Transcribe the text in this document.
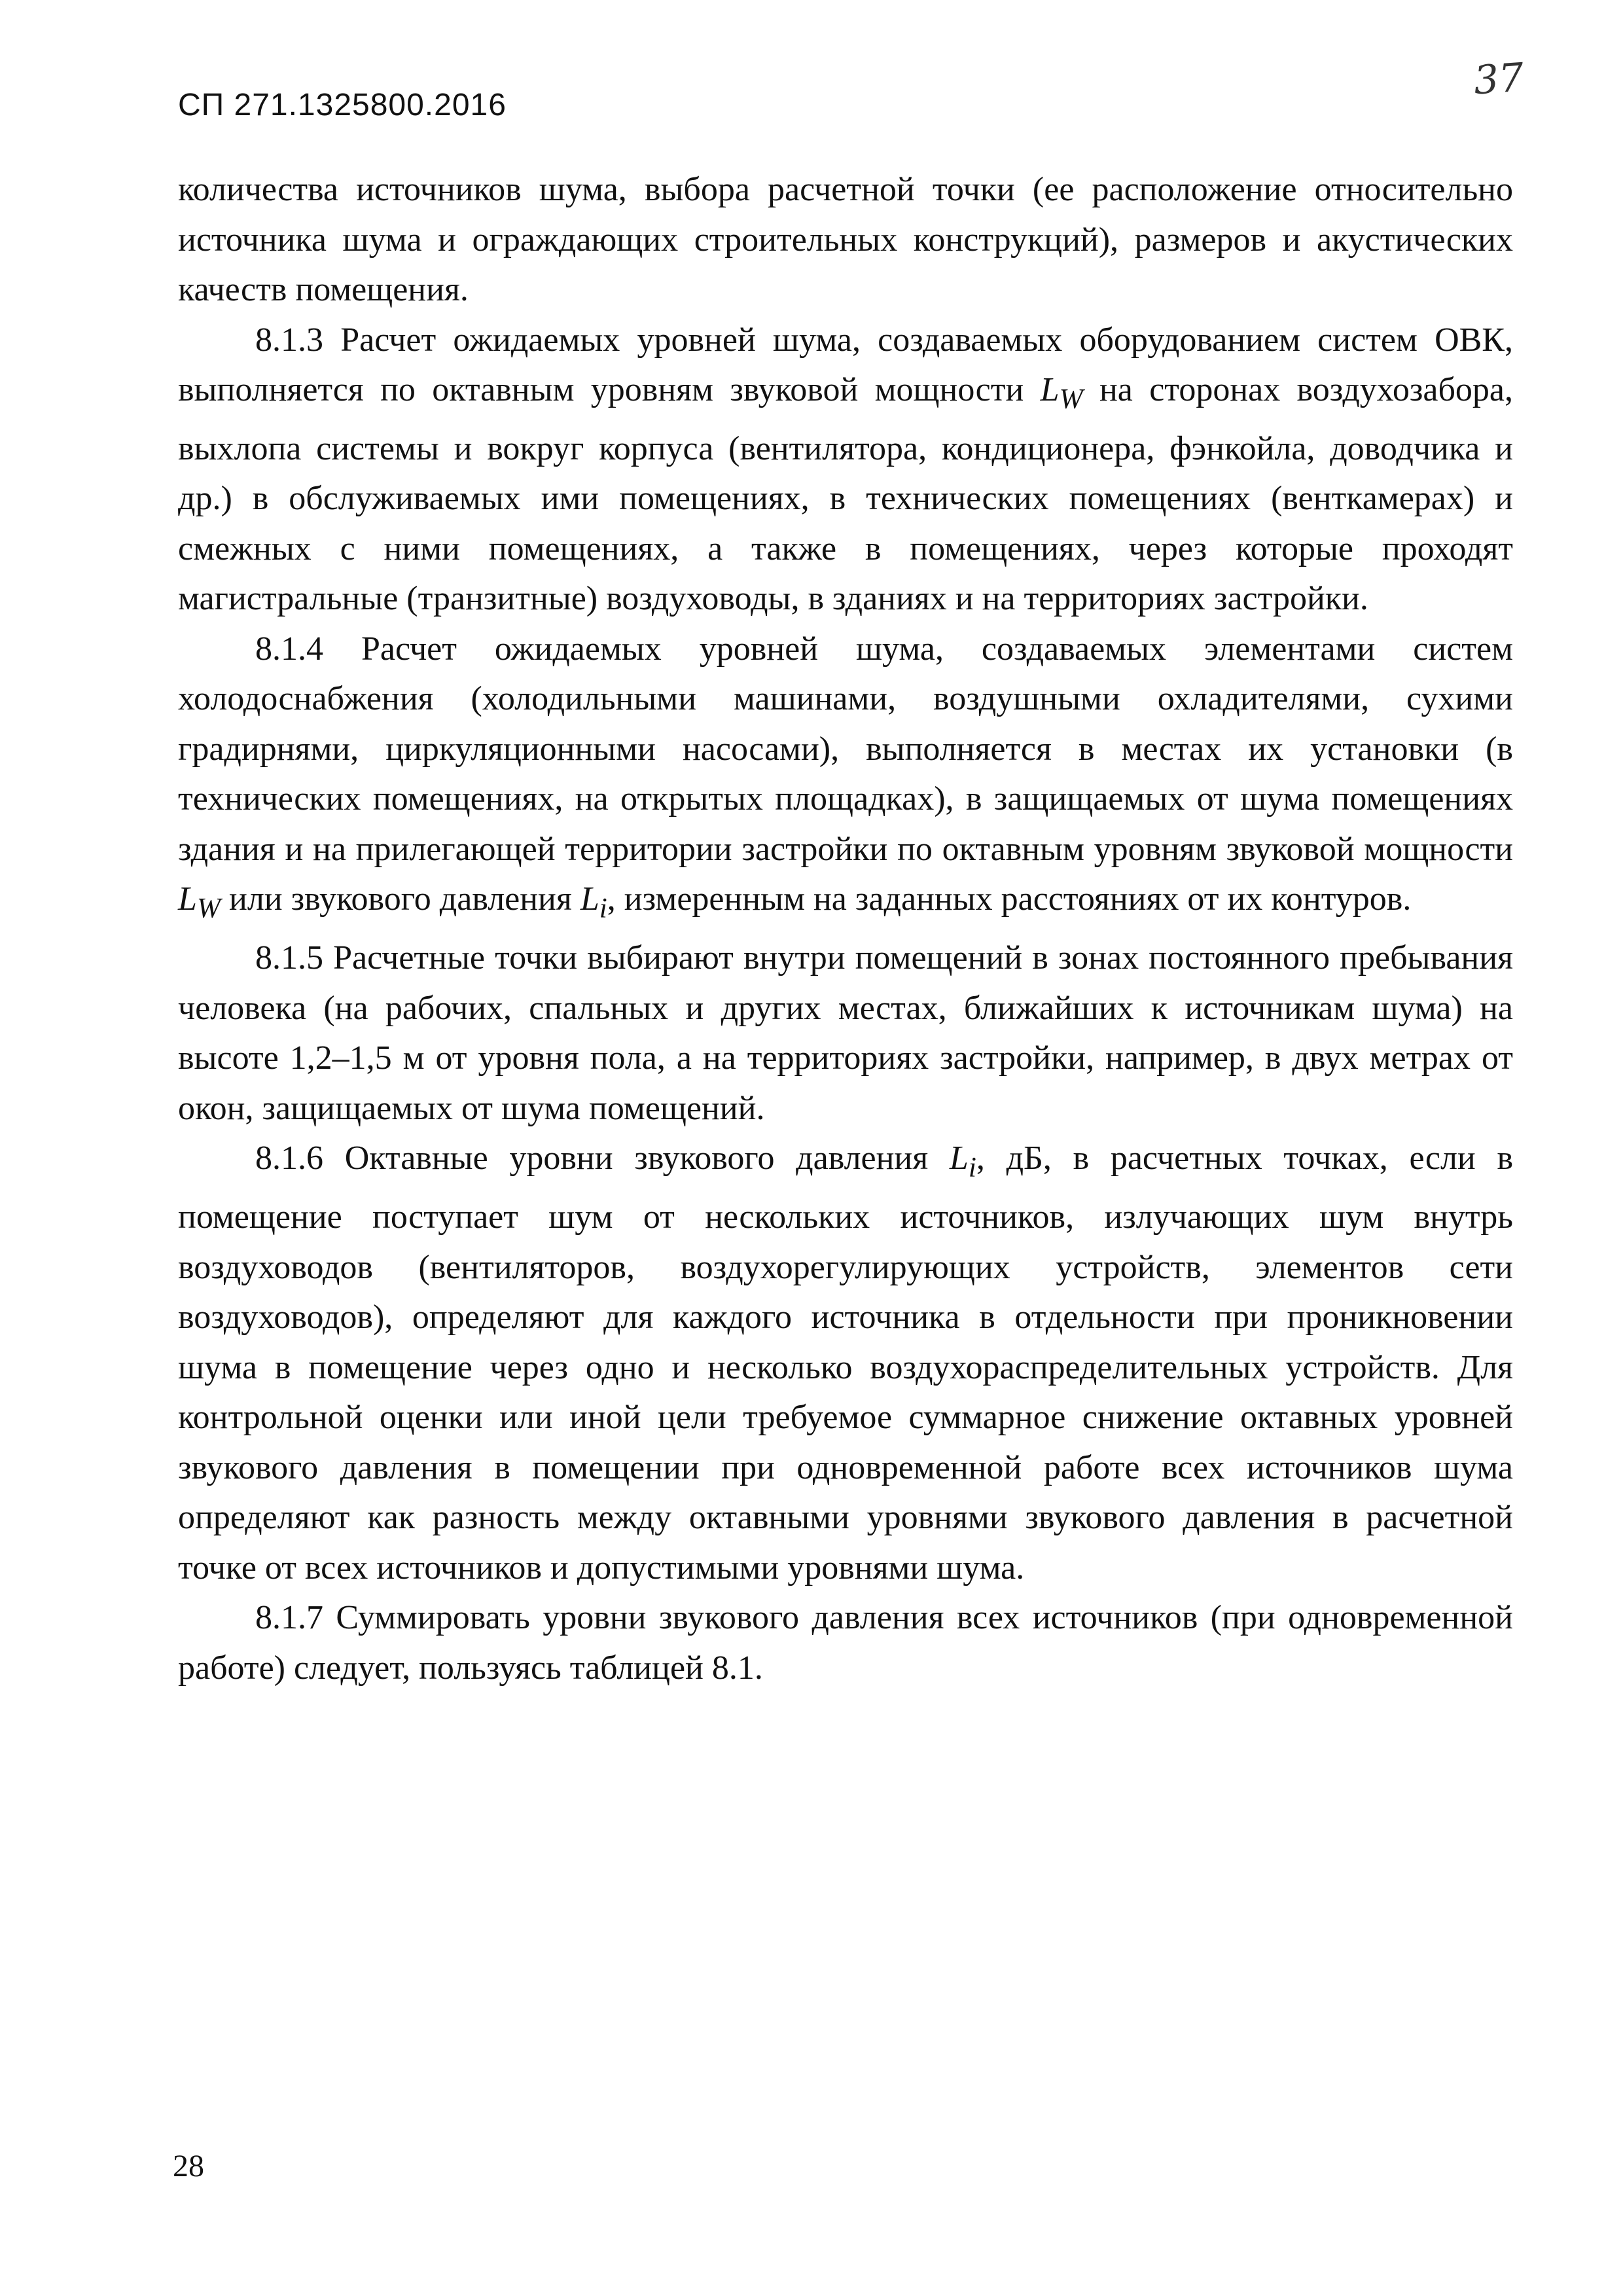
СП 271.1325800.2016
37

количества источников шума, выбора расчетной точки (ее расположение относительно источника шума и ограждающих строительных конструкций), размеров и акустических качеств помещения.

8.1.3 Расчет ожидаемых уровней шума, создаваемых оборудованием систем ОВК, выполняется по октавным уровням звуковой мощности $L_W$ на сторонах воздухозабора, выхлопа системы и вокруг корпуса (вентилятора, кондиционера, фэнкойла, доводчика и др.) в обслуживаемых ими помещениях, в технических помещениях (венткамерах) и смежных с ними помещениях, а также в помещениях, через которые проходят магистральные (транзитные) воздуховоды, в зданиях и на территориях застройки.

8.1.4 Расчет ожидаемых уровней шума, создаваемых элементами систем холодоснабжения (холодильными машинами, воздушными охладителями, сухими градирнями, циркуляционными насосами), выполняется в местах их установки (в технических помещениях, на открытых площадках), в защищаемых от шума помещениях здания и на прилегающей территории застройки по октавным уровням звуковой мощности $L_W$ или звукового давления $L_i$, измеренным на заданных расстояниях от их контуров.

8.1.5 Расчетные точки выбирают внутри помещений в зонах постоянного пребывания человека (на рабочих, спальных и других местах, ближайших к источникам шума) на высоте 1,2–1,5 м от уровня пола, а на территориях застройки, например, в двух метрах от окон, защищаемых от шума помещений.

8.1.6 Октавные уровни звукового давления $L_i$, дБ, в расчетных точках, если в помещение поступает шум от нескольких источников, излучающих шум внутрь воздуховодов (вентиляторов, воздухорегулирующих устройств, элементов сети воздуховодов), определяют для каждого источника в отдельности при проникновении шума в помещение через одно и несколько воздухораспределительных устройств. Для контрольной оценки или иной цели требуемое суммарное снижение октавных уровней звукового давления в помещении при одновременной работе всех источников шума определяют как разность между октавными уровнями звукового давления в расчетной точке от всех источников и допустимыми уровнями шума.

8.1.7 Суммировать уровни звукового давления всех источников (при одновременной работе) следует, пользуясь таблицей 8.1.

28
